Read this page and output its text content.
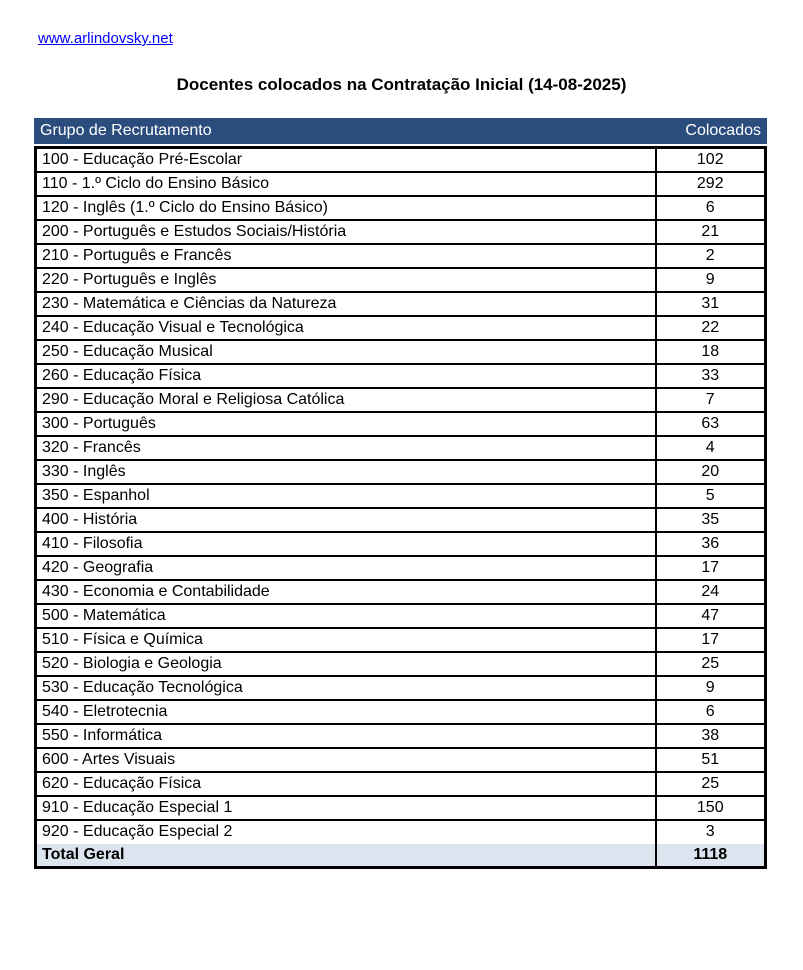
www.arlindovsky.net
Docentes colocados na Contratação Inicial (14-08-2025)
Grupo de Recrutamento	Colocados
100 - Educação Pré-Escolar	102
110 - 1.º Ciclo do Ensino Básico	292
120 - Inglês (1.º Ciclo do Ensino Básico)	6
200 - Português e Estudos Sociais/História	21
210 - Português e Francês	2
220 - Português e Inglês	9
230 - Matemática e Ciências da Natureza	31
240 - Educação Visual e Tecnológica	22
250 - Educação Musical	18
260 - Educação Física	33
290 - Educação Moral e Religiosa Católica	7
300 - Português	63
320 - Francês	4
330 - Inglês	20
350 - Espanhol	5
400 - História	35
410 - Filosofia	36
420 - Geografia	17
430 - Economia e Contabilidade	24
500 - Matemática	47
510 - Física e Química	17
520 - Biologia e Geologia	25
530 - Educação Tecnológica	9
540 - Eletrotecnia	6
550 - Informática	38
600 - Artes Visuais	51
620 - Educação Física	25
910 - Educação Especial 1	150
920 - Educação Especial 2	3
Total Geral	1118
